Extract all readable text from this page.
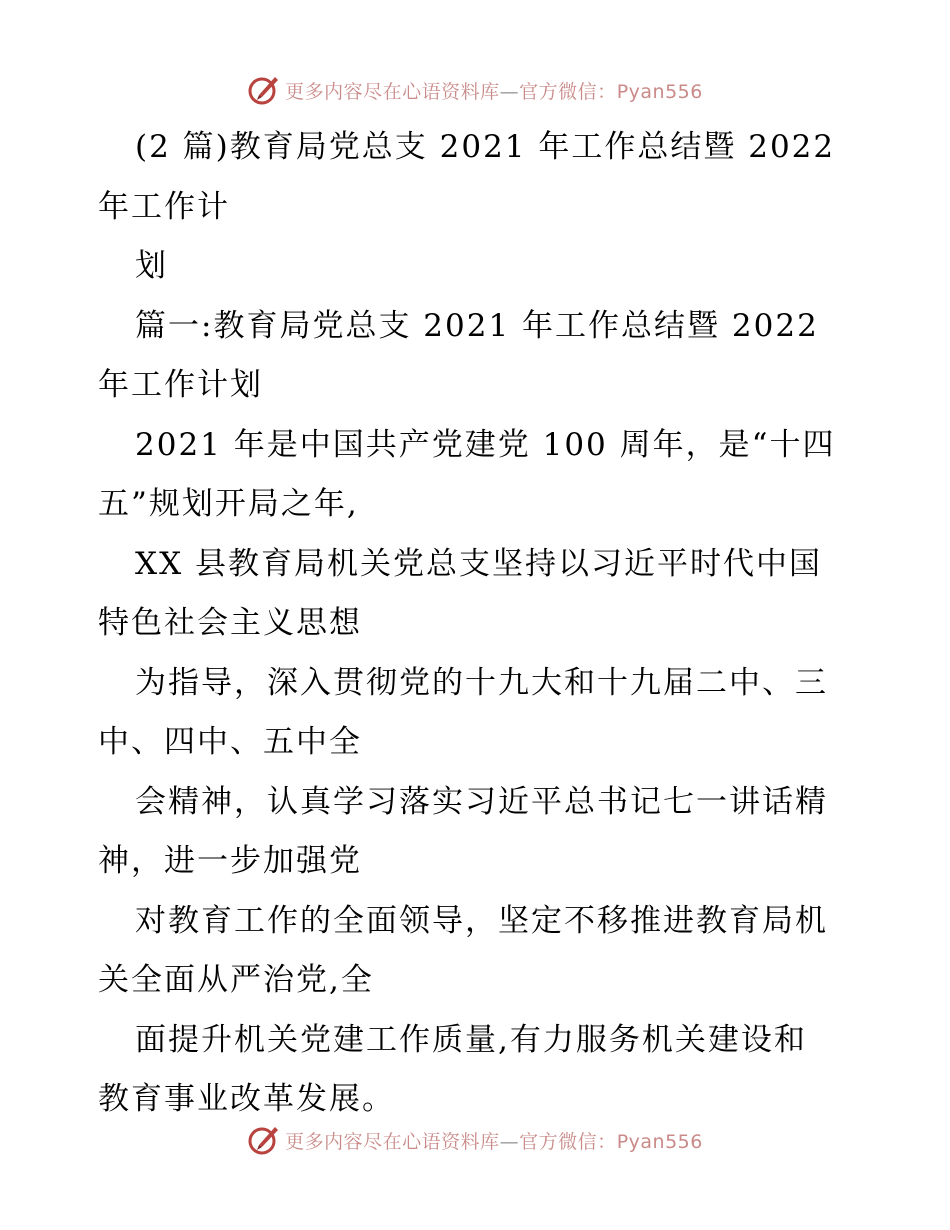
更多内容尽在心语资料库—官方微信：Pyan556
(2 篇)教育局党总支 2021 年工作总结暨 2022
年工作计
划
篇一:教育局党总支 2021 年工作总结暨 2022
年工作计划
2021 年是中国共产党建党 100 周年，是“十四
五”规划开局之年,
XX 县教育局机关党总支坚持以习近平时代中国
特色社会主义思想
为指导，深入贯彻党的十九大和十九届二中、三
中、四中、五中全
会精神，认真学习落实习近平总书记七一讲话精
神，进一步加强党
对教育工作的全面领导，坚定不移推进教育局机
关全面从严治党,全
面提升机关党建工作质量,有力服务机关建设和
教育事业改革发展。
更多内容尽在心语资料库—官方微信：Pyan556
